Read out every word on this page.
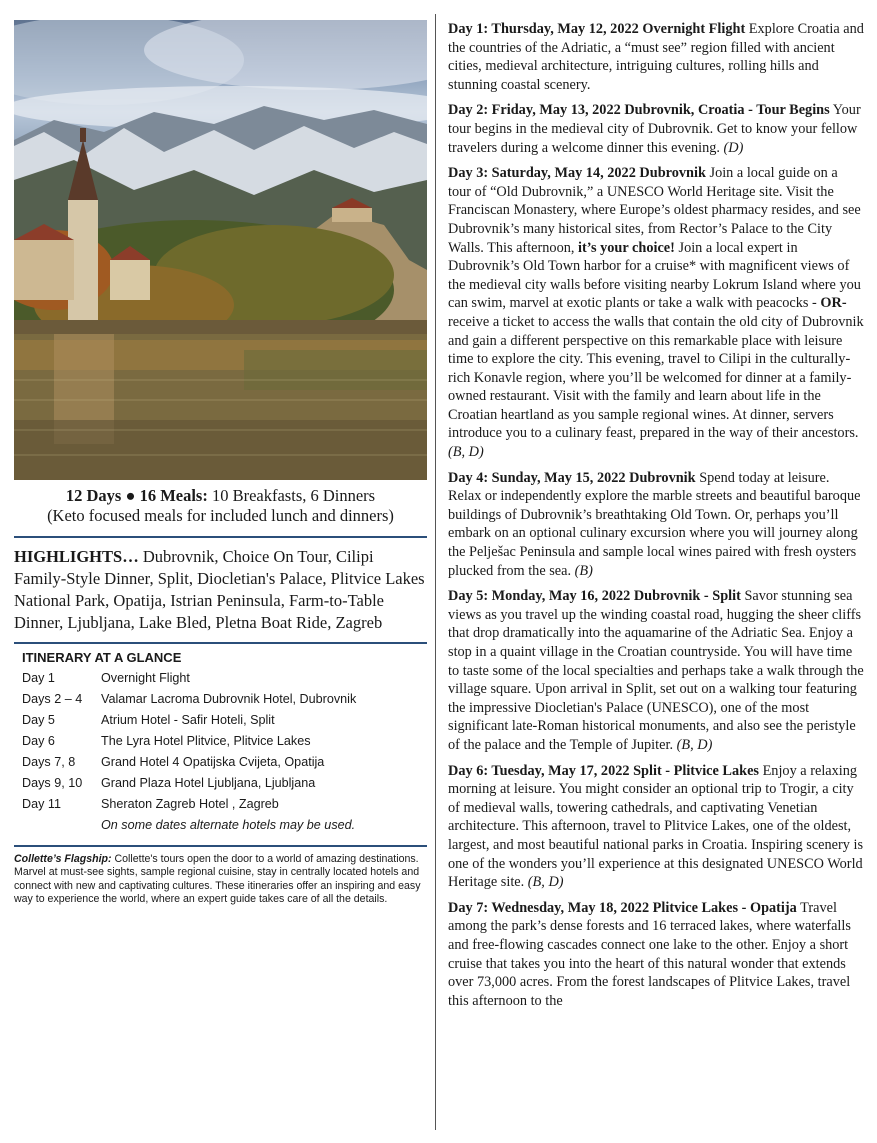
12 Days ● 16 Meals: 10 Breakfasts, 6 Dinners
(Keto focused meals for included lunch and dinners)
HIGHLIGHTS… Dubrovnik, Choice On Tour, Cilipi Family-Style Dinner, Split, Diocletian's Palace, Plitvice Lakes National Park, Opatija, Istrian Peninsula, Farm-to-Table Dinner, Ljubljana, Lake Bled, Pletna Boat Ride, Zagreb
ITINERARY AT A GLANCE
Day 1	Overnight Flight
Days 2 – 4	Valamar Lacroma Dubrovnik Hotel, Dubrovnik
Day 5	Atrium Hotel - Safir Hoteli, Split
Day 6	The Lyra Hotel Plitvice, Plitvice Lakes
Days 7, 8	Grand Hotel 4 Opatijska Cvijeta, Opatija
Days 9, 10	Grand Plaza Hotel Ljubljana, Ljubljana
Day 11	Sheraton Zagreb Hotel , Zagreb
On some dates alternate hotels may be used.
Collette’s Flagship: Collette's tours open the door to a world of amazing destinations. Marvel at must-see sights, sample regional cuisine, stay in centrally located hotels and connect with new and captivating cultures. These itineraries offer an inspiring and easy way to experience the world, where an expert guide takes care of all the details.
Day 1: Thursday, May 12, 2022 Overnight Flight Explore Croatia and the countries of the Adriatic, a “must see” region filled with ancient cities, medieval architecture, intriguing cultures, rolling hills and stunning coastal scenery.
Day 2: Friday, May 13, 2022 Dubrovnik, Croatia - Tour Begins Your tour begins in the medieval city of Dubrovnik. Get to know your fellow travelers during a welcome dinner this evening. (D)
Day 3: Saturday, May 14, 2022 Dubrovnik Join a local guide on a tour of “Old Dubrovnik,” a UNESCO World Heritage site. Visit the Franciscan Monastery, where Europe’s oldest pharmacy resides, and see Dubrovnik’s many historical sites, from Rector’s Palace to the City Walls. This afternoon, it’s your choice! Join a local expert in Dubrovnik’s Old Town harbor for a cruise* with magnificent views of the medieval city walls before visiting nearby Lokrum Island where you can swim, marvel at exotic plants or take a walk with peacocks - OR- receive a ticket to access the walls that contain the old city of Dubrovnik and gain a different perspective on this remarkable place with leisure time to explore the city. This evening, travel to Cilipi in the culturally-rich Konavle region, where you’ll be welcomed for dinner at a family-owned restaurant. Visit with the family and learn about life in the Croatian heartland as you sample regional wines. At dinner, servers introduce you to a culinary feast, prepared in the way of their ancestors. (B, D)
Day 4: Sunday, May 15, 2022 Dubrovnik Spend today at leisure. Relax or independently explore the marble streets and beautiful baroque buildings of Dubrovnik’s breathtaking Old Town. Or, perhaps you’ll embark on an optional culinary excursion where you will journey along the Pelješac Peninsula and sample local wines paired with fresh oysters plucked from the sea. (B)
Day 5: Monday, May 16, 2022 Dubrovnik - Split Savor stunning sea views as you travel up the winding coastal road, hugging the sheer cliffs that drop dramatically into the aquamarine of the Adriatic Sea. Enjoy a stop in a quaint village in the Croatian countryside. You will have time to taste some of the local specialties and perhaps take a walk through the village square. Upon arrival in Split, set out on a walking tour featuring the impressive Diocletian's Palace (UNESCO), one of the most significant late-Roman historical monuments, and also see the peristyle of the palace and the Temple of Jupiter. (B, D)
Day 6: Tuesday, May 17, 2022 Split - Plitvice Lakes Enjoy a relaxing morning at leisure. You might consider an optional trip to Trogir, a city of medieval walls, towering cathedrals, and captivating Venetian architecture. This afternoon, travel to Plitvice Lakes, one of the oldest, largest, and most beautiful national parks in Croatia. Inspiring scenery is one of the wonders you’ll experience at this designated UNESCO World Heritage site. (B, D)
Day 7: Wednesday, May 18, 2022 Plitvice Lakes - Opatija Travel among the park’s dense forests and 16 terraced lakes, where waterfalls and free-flowing cascades connect one lake to the other. Enjoy a short cruise that takes you into the heart of this natural wonder that extends over 73,000 acres. From the forest landscapes of Plitvice Lakes, travel this afternoon to the
